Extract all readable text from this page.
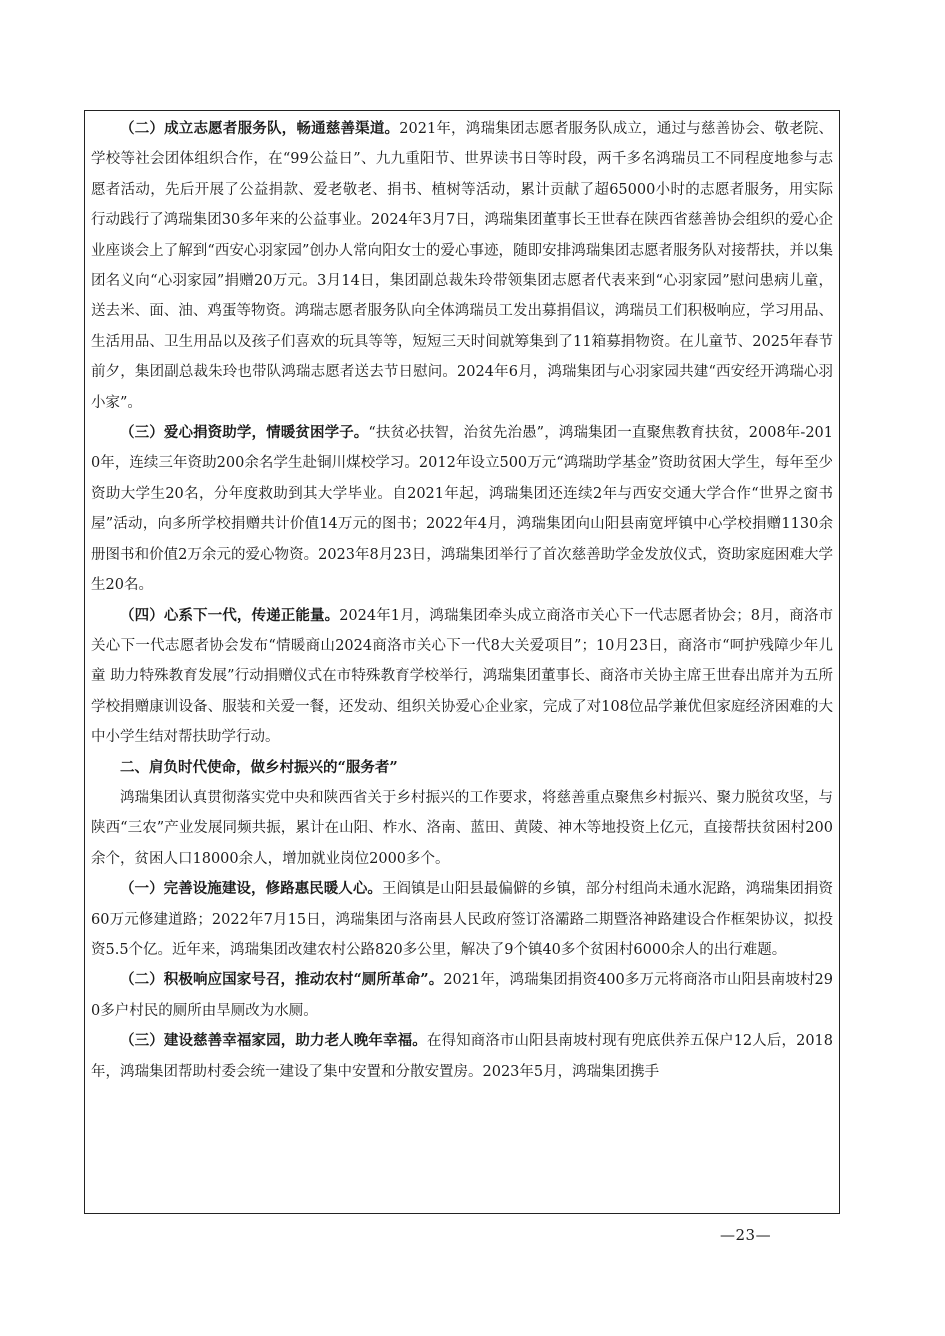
（二）成立志愿者服务队，畅通慈善渠道。2021年，鸿瑞集团志愿者服务队成立，通过与慈善协会、敬老院、学校等社会团体组织合作，在“99公益日”、九九重阳节、世界读书日等时段，两千多名鸿瑞员工不同程度地参与志愿者活动，先后开展了公益捐款、爱老敬老、捐书、植树等活动，累计贡献了超65000小时的志愿者服务，用实际行动践行了鸿瑞集团30多年来的公益事业。2024年3月7日，鸿瑞集团董事长王世春在陕西省慈善协会组织的爱心企业座谈会上了解到“西安心羽家园”创办人常向阳女士的爱心事迹，随即安排鸿瑞集团志愿者服务队对接帮扶，并以集团名义向“心羽家园”捐赠20万元。3月14日，集团副总裁朱玲带领集团志愿者代表来到“心羽家园”慰问患病儿童，送去米、面、油、鸡蛋等物资。鸿瑞志愿者服务队向全体鸿瑞员工发出募捐倡议，鸿瑞员工们积极响应，学习用品、生活用品、卫生用品以及孩子们喜欢的玩具等等，短短三天时间就筹集到了11箱募捐物资。在儿童节、2025年春节前夕，集团副总裁朱玲也带队鸿瑞志愿者送去节日慰问。2024年6月，鸿瑞集团与心羽家园共建“西安经开鸿瑞心羽小家”。

（三）爱心捐资助学，情暖贫困学子。“扶贫必扶智，治贫先治愚”，鸿瑞集团一直聚焦教育扶贫，2008年-2010年，连续三年资助200余名学生赴铜川煤校学习。2012年设立500万元“鸿瑞助学基金”资助贫困大学生，每年至少资助大学生20名，分年度救助到其大学毕业。自2021年起，鸿瑞集团还连续2年与西安交通大学合作“世界之窗书屋”活动，向多所学校捐赠共计价值14万元的图书；2022年4月，鸿瑞集团向山阳县南宽坪镇中心学校捐赠1130余册图书和价值2万余元的爱心物资。2023年8月23日，鸿瑞集团举行了首次慈善助学金发放仪式，资助家庭困难大学生20名。

（四）心系下一代，传递正能量。2024年1月，鸿瑞集团牵头成立商洛市关心下一代志愿者协会；8月，商洛市关心下一代志愿者协会发布“情暖商山2024商洛市关心下一代8大关爱项目”；10月23日，商洛市“呵护残障少年儿童 助力特殊教育发展”行动捐赠仪式在市特殊教育学校举行，鸿瑞集团董事长、商洛市关协主席王世春出席并为五所学校捐赠康训设备、服装和关爱一餐，还发动、组织关协爱心企业家，完成了对108位品学兼优但家庭经济困难的大中小学生结对帮扶助学行动。

二、肩负时代使命，做乡村振兴的“服务者”

鸿瑞集团认真贯彻落实党中央和陕西省关于乡村振兴的工作要求，将慈善重点聚焦乡村振兴、聚力脱贫攻坚，与陕西“三农”产业发展同频共振，累计在山阳、柞水、洛南、蓝田、黄陵、神木等地投资上亿元，直接帮扶贫困村200余个，贫困人口18000余人，增加就业岗位2000多个。

（一）完善设施建设，修路惠民暖人心。王阎镇是山阳县最偏僻的乡镇，部分村组尚未通水泥路，鸿瑞集团捐资60万元修建道路；2022年7月15日，鸿瑞集团与洛南县人民政府签订洛灞路二期暨洛神路建设合作框架协议，拟投资5.5个亿。近年来，鸿瑞集团改建农村公路820多公里，解决了9个镇40多个贫困村6000余人的出行难题。

（二）积极响应国家号召，推动农村“厕所革命”。2021年，鸿瑞集团捐资400多万元将商洛市山阳县南坡村290多户村民的厕所由旱厕改为水厕。

（三）建设慈善幸福家园，助力老人晚年幸福。在得知商洛市山阳县南坡村现有兜底供养五保户12人后，2018年，鸿瑞集团帮助村委会统一建设了集中安置和分散安置房。2023年5月，鸿瑞集团携手

—23—
